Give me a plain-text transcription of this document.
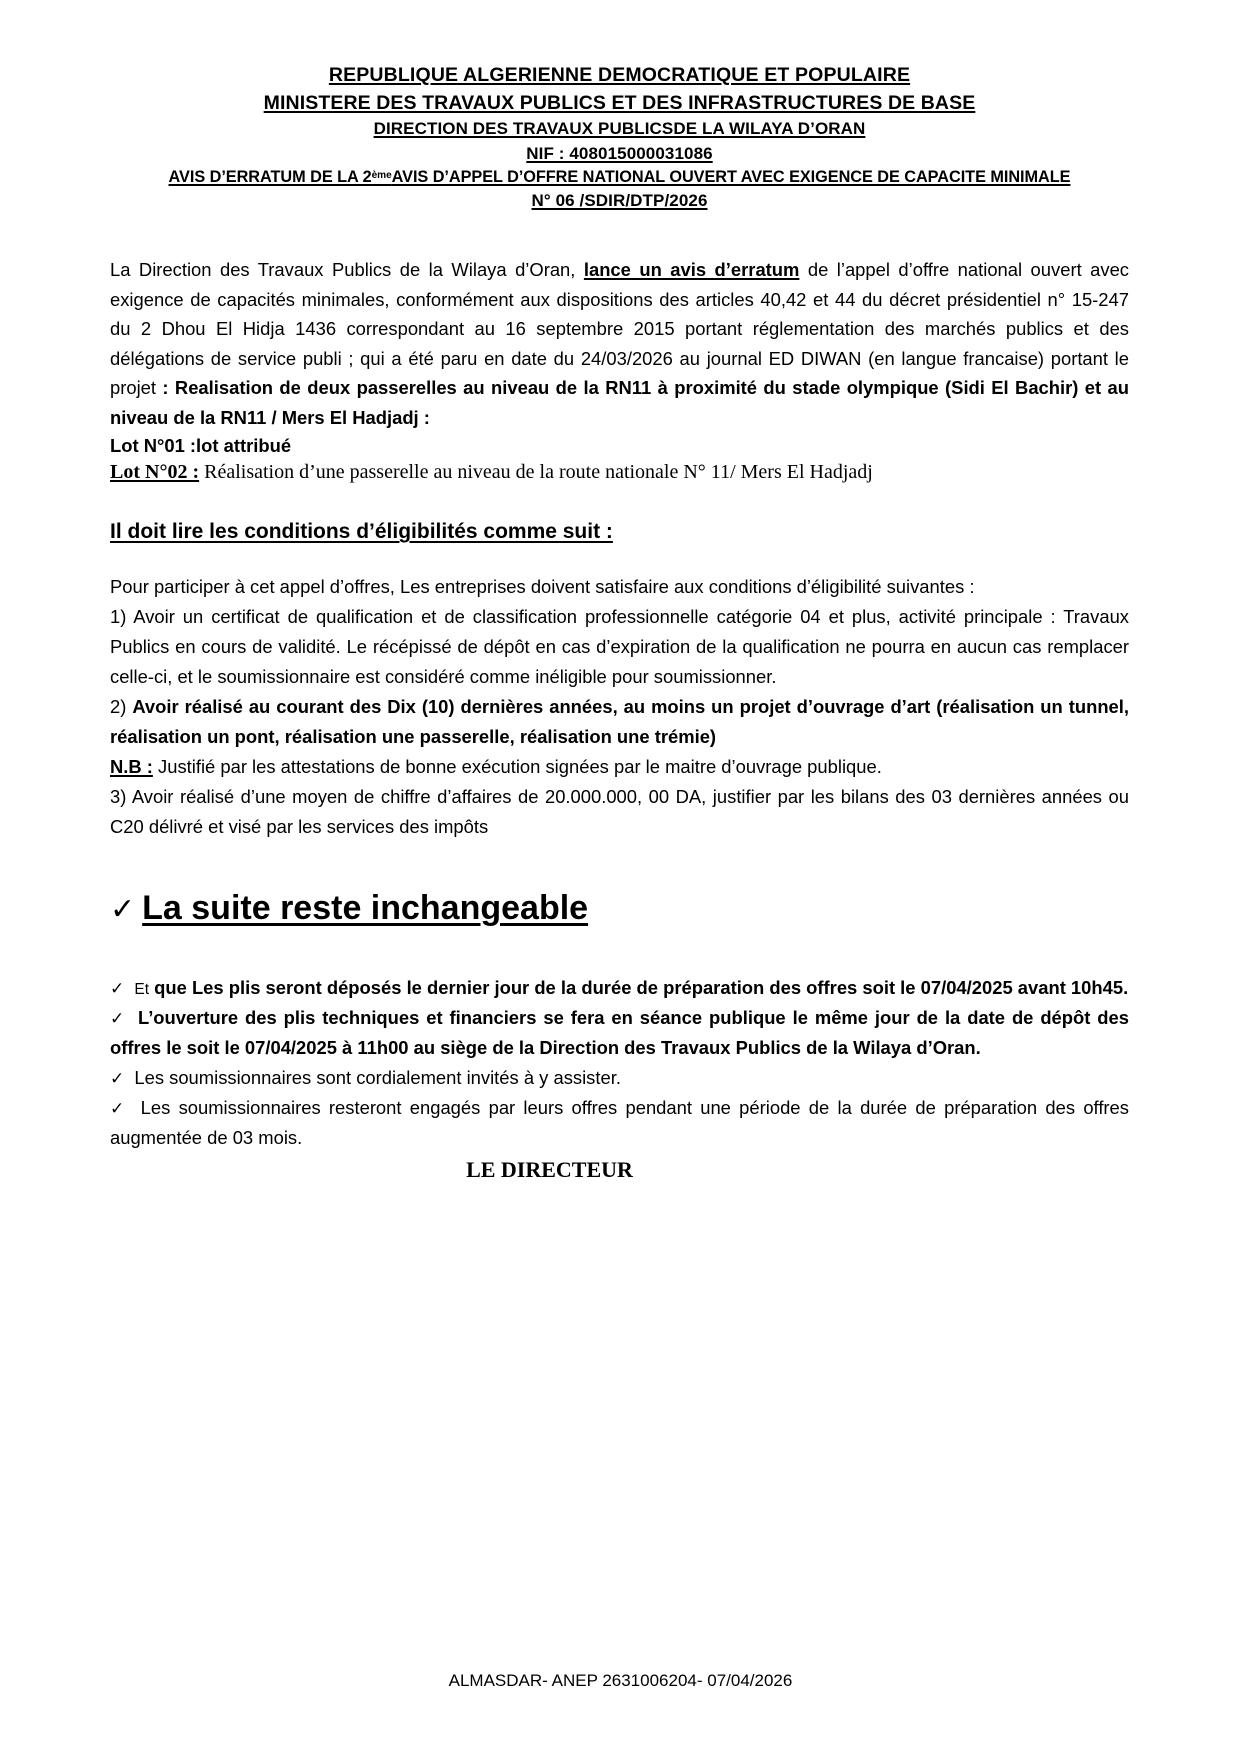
REPUBLIQUE ALGERIENNE DEMOCRATIQUE ET POPULAIRE
MINISTERE DES TRAVAUX PUBLICS ET DES INFRASTRUCTURES DE BASE
DIRECTION DES TRAVAUX PUBLICSDE LA WILAYA D’ORAN
NIF : 408015000031086
AVIS D’ERRATUM DE LA 2èmeAVIS D’APPEL D’OFFRE NATIONAL OUVERT AVEC EXIGENCE DE CAPACITE MINIMALE
N° 06 /SDIR/DTP/2026

La Direction des Travaux Publics de la Wilaya d’Oran, lance un avis d’erratum de l’appel d’offre national ouvert avec exigence de capacités minimales, conformément aux dispositions des articles 40,42 et 44 du décret présidentiel n° 15-247 du 2 Dhou El Hidja 1436 correspondant au 16 septembre 2015 portant réglementation des marchés publics et des délégations de service publi ; qui a été paru en date du 24/03/2026 au journal ED DIWAN (en langue francaise) portant le projet : Realisation de deux passerelles au niveau de la RN11 à proximité du stade olympique (Sidi El Bachir) et au niveau de la RN11 / Mers El Hadjadj :

Lot N°01 :lot attribué

Lot N°02 : Réalisation d’une passerelle au niveau de la route nationale N° 11/ Mers El Hadjadj

Il doit lire les conditions d’éligibilités comme suit :

Pour participer à cet appel d’offres, Les entreprises doivent satisfaire aux conditions d’éligibilité suivantes :

1) Avoir un certificat de qualification et de classification professionnelle catégorie 04 et plus, activité principale : Travaux Publics en cours de validité. Le récépissé de dépôt en cas d’expiration de la qualification ne pourra en aucun cas remplacer celle-ci, et le soumissionnaire est considéré comme inéligible pour soumissionner.

2) Avoir réalisé au courant des Dix (10) dernières années, au moins un projet d’ouvrage d’art (réalisation un tunnel, réalisation un pont, réalisation une passerelle, réalisation une trémie)

N.B : Justifié par les attestations de bonne exécution signées par le maitre d’ouvrage publique.

3) Avoir réalisé d’une moyen de chiffre d’affaires de 20.000.000, 00 DA, justifier par les bilans des 03 dernières années ou C20 délivré et visé par les services des impôts

✓ La suite reste inchangeable

✓ Et que Les plis seront déposés le dernier jour de la durée de préparation des offres soit le 07/04/2025 avant 10h45.

✓ L’ouverture des plis techniques et financiers se fera en séance publique le même jour de la date de dépôt des offres le soit le 07/04/2025 à 11h00 au siège de la Direction des Travaux Publics de la Wilaya d’Oran.

✓ Les soumissionnaires sont cordialement invités à y assister.

✓ Les soumissionnaires resteront engagés par leurs offres pendant une période de la durée de préparation des offres augmentée de 03 mois.

LE DIRECTEUR
ALMASDAR- ANEP 2631006204- 07/04/2026
